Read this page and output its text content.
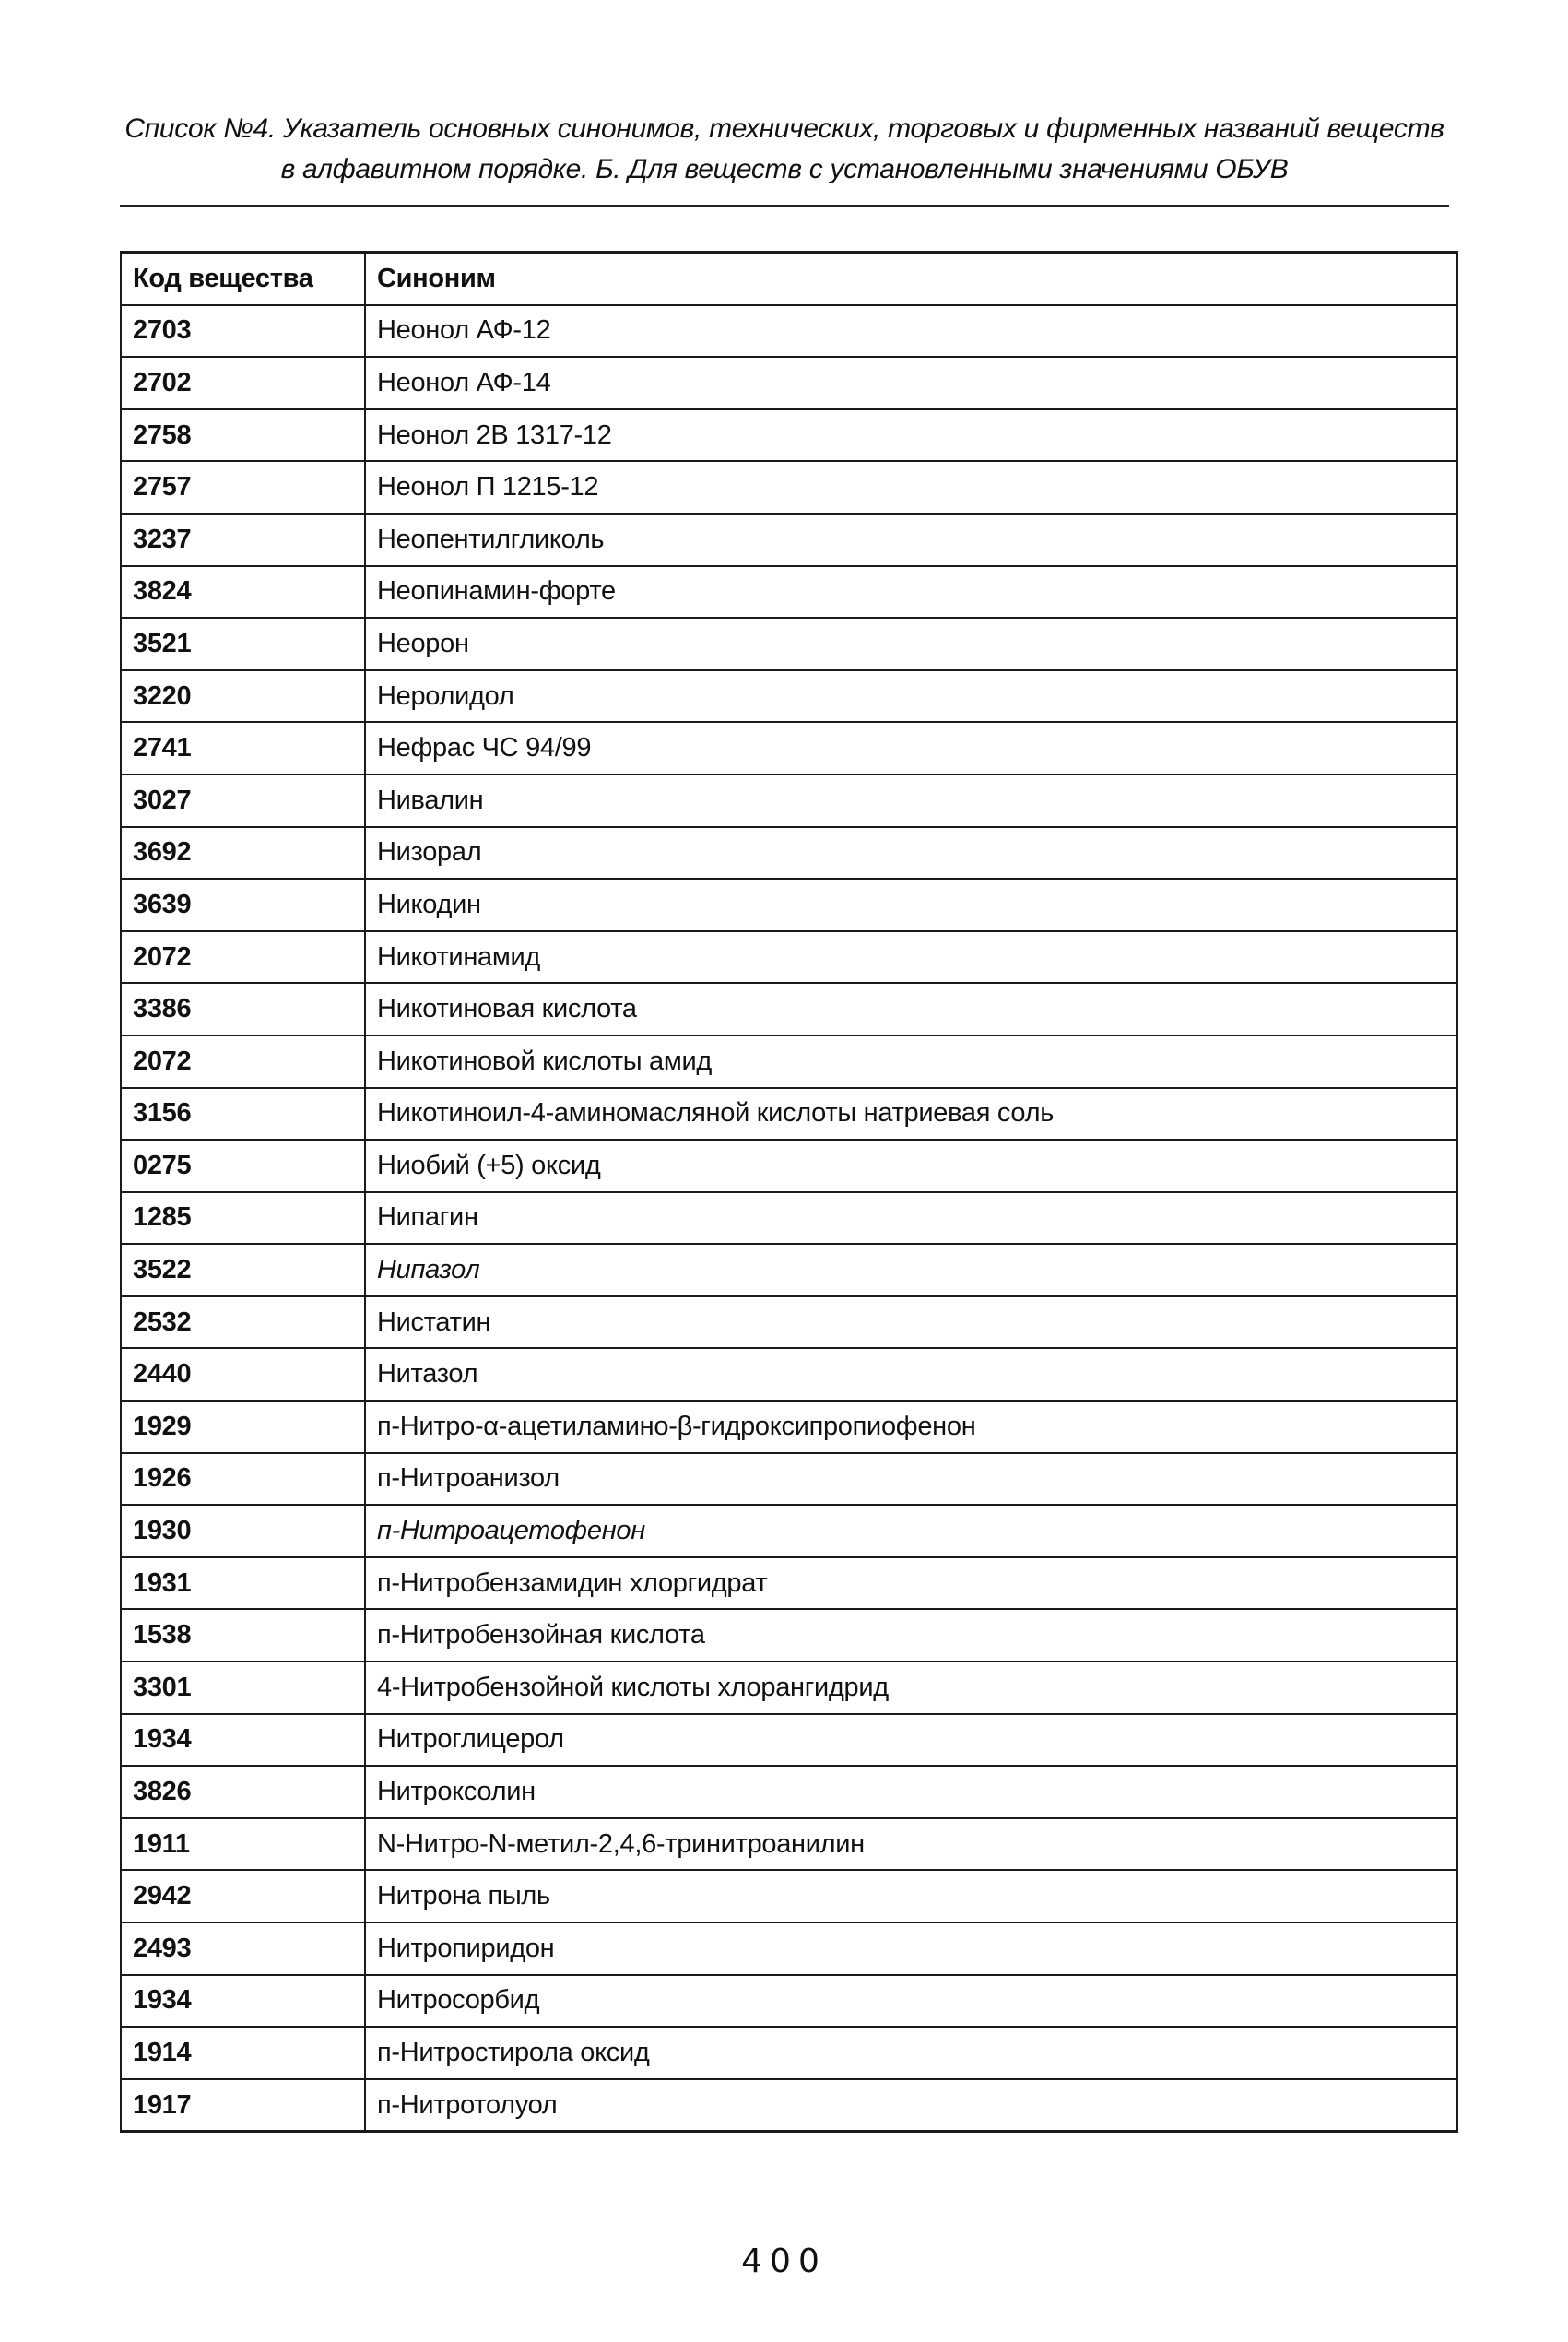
Список №4. Указатель основных синонимов, технических, торговых и фирменных названий веществ
в алфавитном порядке. Б. Для веществ с установленными значениями ОБУВ
Код вещества	Синоним
2703	Неонол АФ-12
2702	Неонол АФ-14
2758	Неонол 2В 1317-12
2757	Неонол П 1215-12
3237	Неопентилгликоль
3824	Неопинамин-форте
3521	Неорон
3220	Неролидол
2741	Нефрас ЧС 94/99
3027	Нивалин
3692	Низорал
3639	Никодин
2072	Никотинамид
3386	Никотиновая кислота
2072	Никотиновой кислоты амид
3156	Никотиноил-4-аминомасляной кислоты натриевая соль
0275	Ниобий (+5) оксид
1285	Нипагин
3522	Нипазол
2532	Нистатин
2440	Нитазол
1929	п-Нитро-α-ацетиламино-β-гидроксипропиофенон
1926	п-Нитроанизол
1930	п-Нитроацетофенон
1931	п-Нитробензамидин хлоргидрат
1538	п-Нитробензойная кислота
3301	4-Нитробензойной кислоты хлорангидрид
1934	Нитроглицерол
3826	Нитроксолин
1911	N-Нитро-N-метил-2,4,6-тринитроанилин
2942	Нитрона пыль
2493	Нитропиридон
1934	Нитросорбид
1914	п-Нитростирола оксид
1917	п-Нитротолуол
400
